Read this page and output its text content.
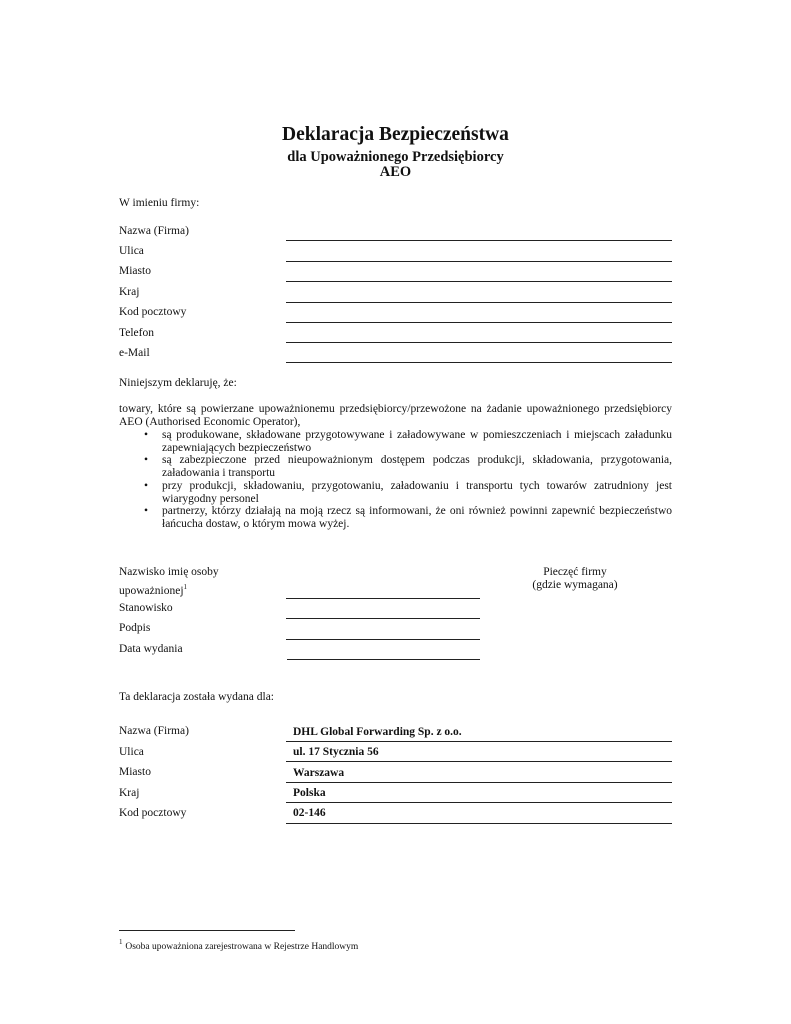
Deklaracja Bezpieczeństwa
dla Upoważnionego Przedsiębiorcy
AEO
W imieniu firmy:
Nazwa (Firma)
Ulica
Miasto
Kraj
Kod pocztowy
Telefon
e-Mail
Niniejszym deklaruję, że:
towary, które są powierzane upoważnionemu przedsiębiorcy/przewożone na żadanie upoważnionego przedsiębiorcy AEO (Authorised Economic Operator),
• są produkowane, składowane przygotowywane i załadowywane w pomieszczeniach i miejscach załadunku zapewniających bezpieczeństwo
• są zabezpieczone przed nieupoważnionym dostępem podczas produkcji, składowania, przygotowania, załadowania i transportu
• przy produkcji, składowaniu, przygotowaniu, załadowaniu i transportu tych towarów zatrudniony jest wiarygodny personel
• partnerzy, którzy działają na moją rzecz są informowani, że oni również powinni zapewnić bezpieczeństwo łańcucha dostaw, o którym mowa wyżej.
Nazwisko imię osoby
upoważnionej$^1$
Stanowisko
Podpis
Data wydania
Pieczęć firmy
(gdzie wymagana)
Ta deklaracja została wydana dla:
Nazwa (Firma)	DHL Global Forwarding Sp. z o.o.
Ulica	ul. 17 Stycznia 56
Miasto	Warszawa
Kraj	Polska
Kod pocztowy	02-146
$^1$ Osoba upoważniona zarejestrowana w Rejestrze Handlowym
